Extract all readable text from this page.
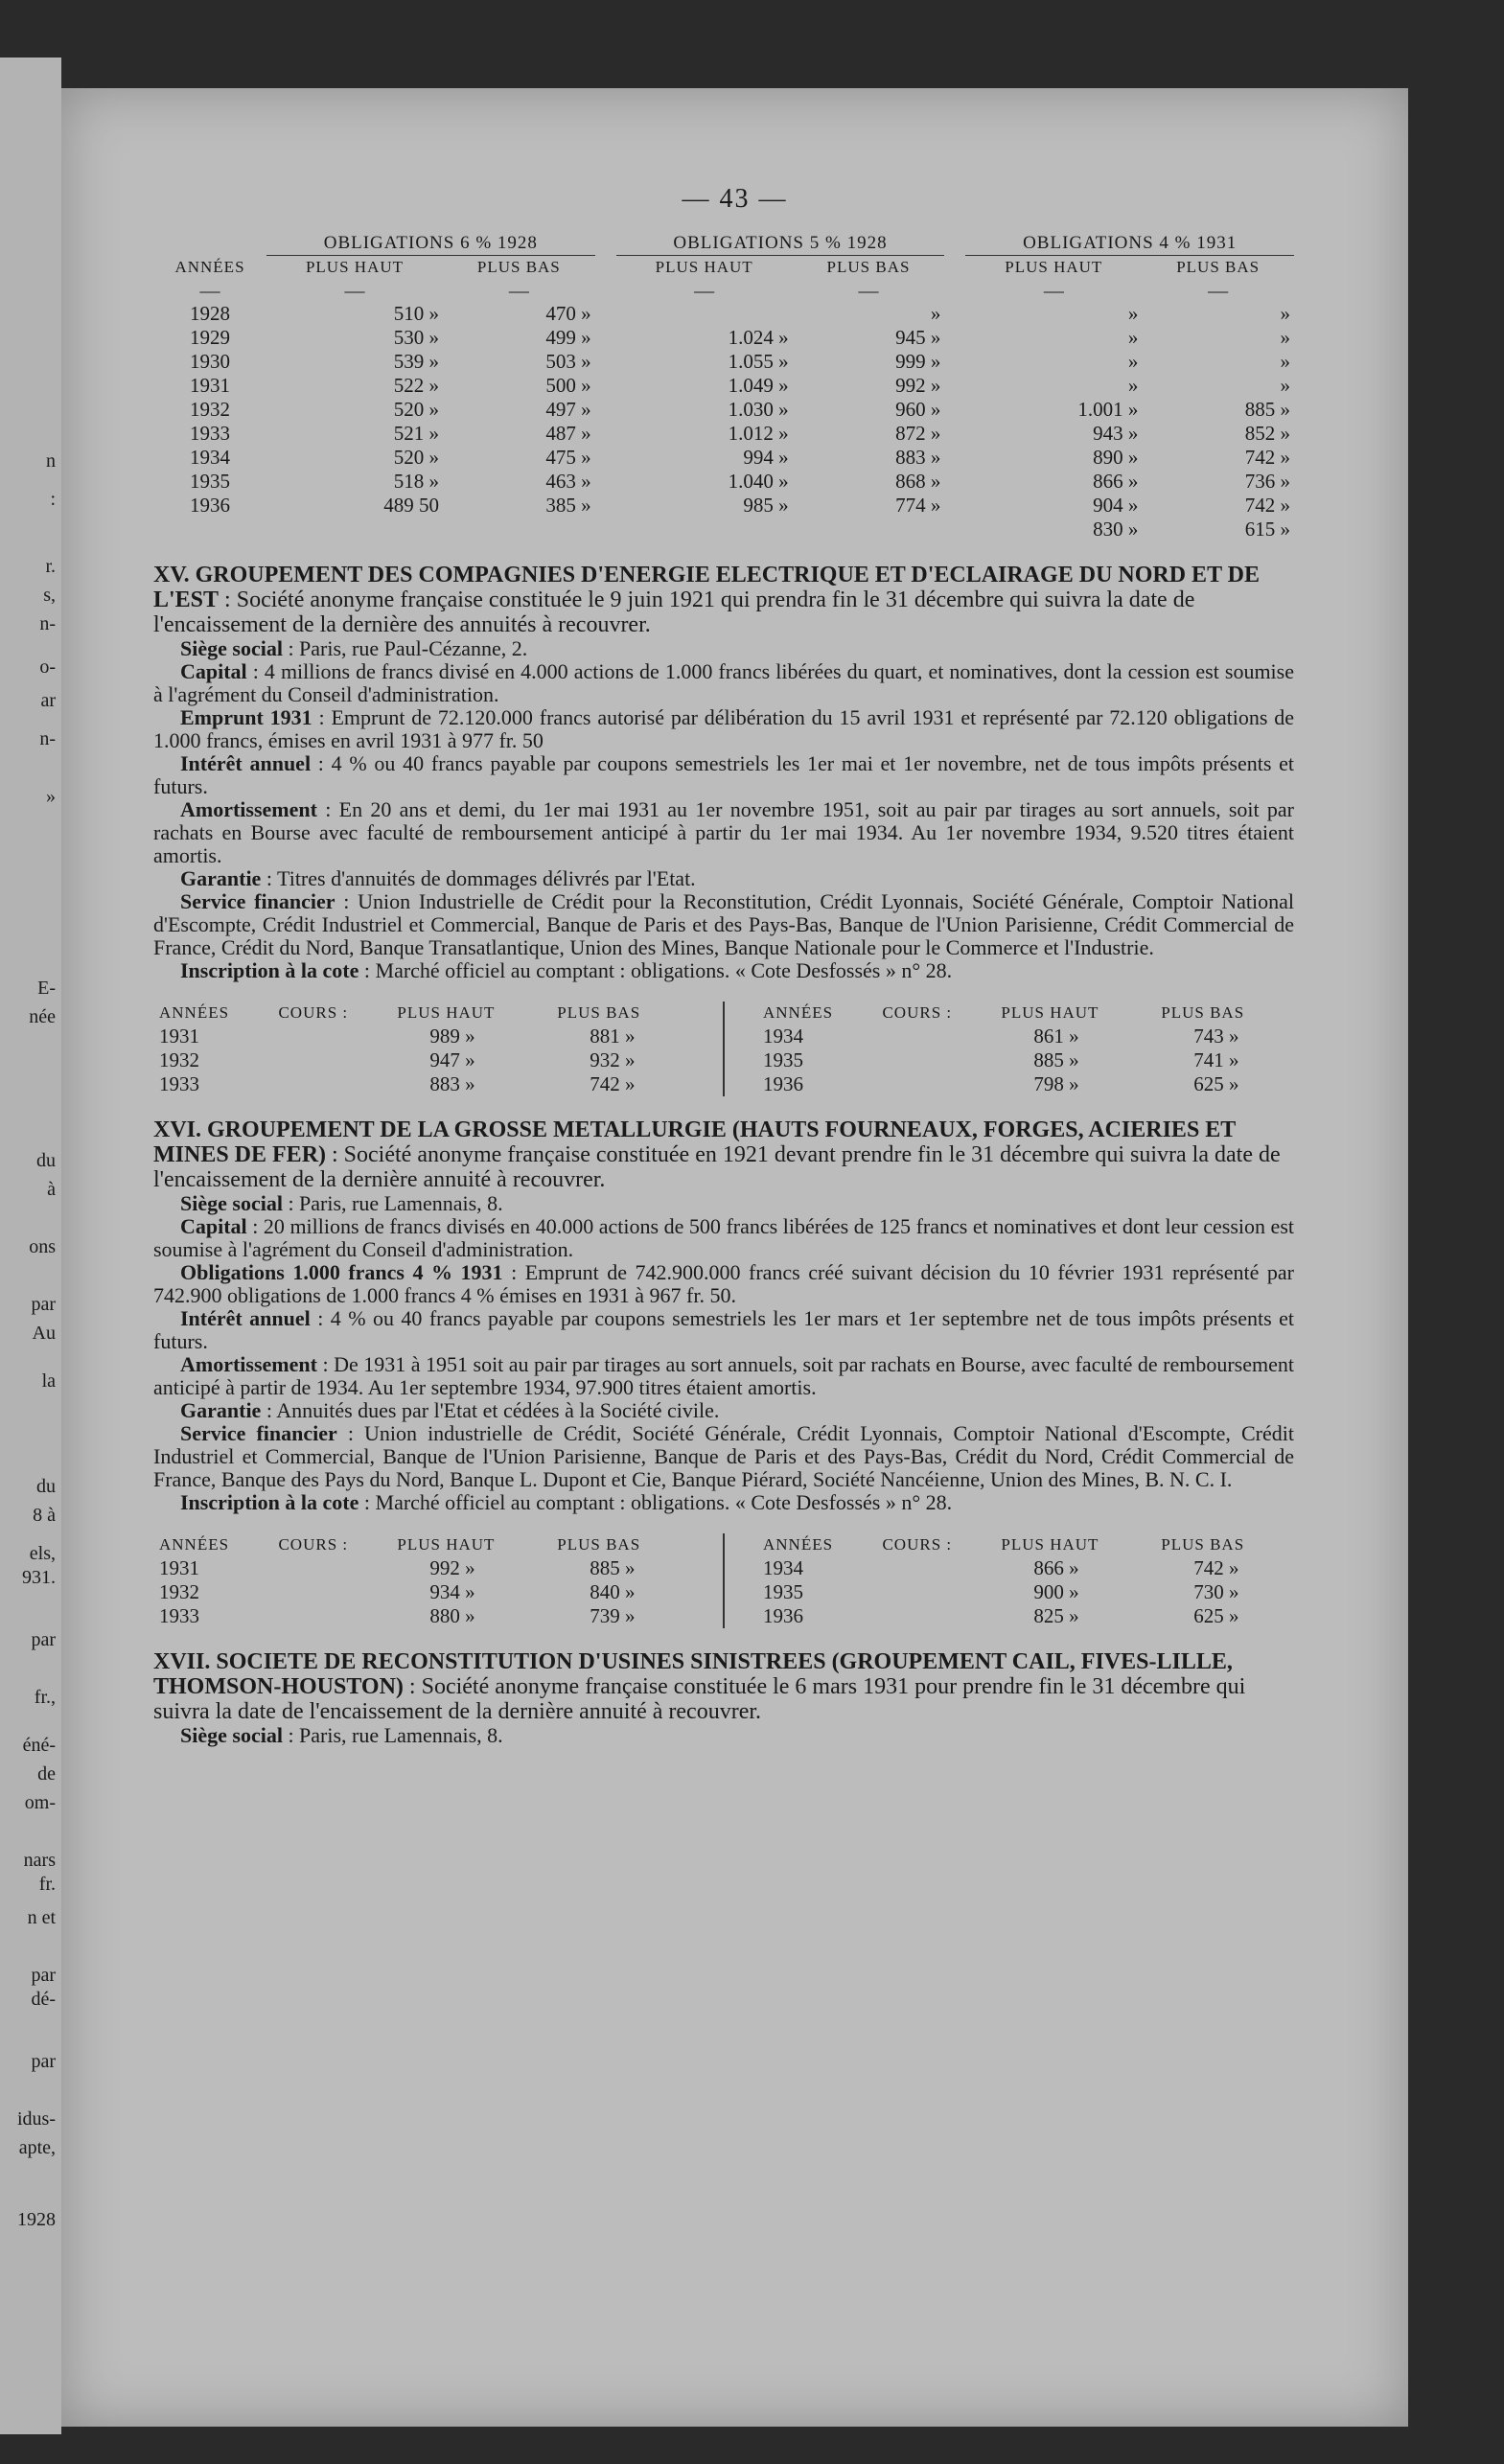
n
:
r.
s,
n-
o-
ar
n-
»
E-
née
du
à
ons
par
Au
la
du
8 à
els,
931.
par
fr.,
éné-
de
om-
nars
fr.
n et
par
dé-
par
idus-
apte,
1928
— 43 —
	OBLIGATIONS 6 % 1928			OBLIGATIONS 5 % 1928			OBLIGATIONS 4 % 1931	
ANNÉES	PLUS HAUT	PLUS BAS		PLUS HAUT	PLUS BAS		PLUS HAUT	PLUS BAS
—	—	—		—	—		—	—
1928	510 »	470 »			»		»	»
1929	530 »	499 »		1.024 »	945 »		»	»
1930	539 »	503 »		1.055 »	999 »		»	»
1931	522 »	500 »		1.049 »	992 »		»	»
1932	520 »	497 »		1.030 »	960 »		1.001 »	885 »
1933	521 »	487 »		1.012 »	872 »		943 »	852 »
1934	520 »	475 »		994 »	883 »		890 »	742 »
1935	518 »	463 »		1.040 »	868 »		866 »	736 »
1936	489 50	385 »		985 »	774 »		904 »	742 »
							830 »	615 »
XV. GROUPEMENT DES COMPAGNIES D'ENERGIE ELECTRIQUE ET D'ECLAIRAGE DU NORD ET DE L'EST : Société anonyme française constituée le 9 juin 1921 qui prendra fin le 31 décembre qui suivra la date de l'encaissement de la dernière des annuités à recouvrer.

Siège social : Paris, rue Paul-Cézanne, 2.

Capital : 4 millions de francs divisé en 4.000 actions de 1.000 francs libérées du quart, et nominatives, dont la cession est soumise à l'agrément du Conseil d'administration.

Emprunt 1931 : Emprunt de 72.120.000 francs autorisé par délibération du 15 avril 1931 et représenté par 72.120 obligations de 1.000 francs, émises en avril 1931 à 977 fr. 50

Intérêt annuel : 4 % ou 40 francs payable par coupons semestriels les 1er mai et 1er novembre, net de tous impôts présents et futurs.

Amortissement : En 20 ans et demi, du 1er mai 1931 au 1er novembre 1951, soit au pair par tirages au sort annuels, soit par rachats en Bourse avec faculté de remboursement anticipé à partir du 1er mai 1934. Au 1er novembre 1934, 9.520 titres étaient amortis.

Garantie : Titres d'annuités de dommages délivrés par l'Etat.

Service financier : Union Industrielle de Crédit pour la Reconstitution, Crédit Lyonnais, Société Générale, Comptoir National d'Escompte, Crédit Industriel et Commercial, Banque de Paris et des Pays-Bas, Banque de l'Union Parisienne, Crédit Commercial de France, Crédit du Nord, Banque Transatlantique, Union des Mines, Banque Nationale pour le Commerce et l'Industrie.

Inscription à la cote : Marché officiel au comptant : obligations. « Cote Desfossés » n° 28.

ANNÉES	COURS :	PLUS HAUT	PLUS BAS
1931		989 »	881 »
1932		947 »	932 »
1933		883 »	742 »
ANNÉES	COURS :	PLUS HAUT	PLUS BAS
1934		861 »	743 »
1935		885 »	741 »
1936		798 »	625 »
XVI. GROUPEMENT DE LA GROSSE METALLURGIE (HAUTS FOURNEAUX, FORGES, ACIERIES ET MINES DE FER) : Société anonyme française constituée en 1921 devant prendre fin le 31 décembre qui suivra la date de l'encaissement de la dernière annuité à recouvrer.

Siège social : Paris, rue Lamennais, 8.

Capital : 20 millions de francs divisés en 40.000 actions de 500 francs libérées de 125 francs et nominatives et dont leur cession est soumise à l'agrément du Conseil d'administration.

Obligations 1.000 francs 4 % 1931 : Emprunt de 742.900.000 francs créé suivant décision du 10 février 1931 représenté par 742.900 obligations de 1.000 francs 4 % émises en 1931 à 967 fr. 50.

Intérêt annuel : 4 % ou 40 francs payable par coupons semestriels les 1er mars et 1er septembre net de tous impôts présents et futurs.

Amortissement : De 1931 à 1951 soit au pair par tirages au sort annuels, soit par rachats en Bourse, avec faculté de remboursement anticipé à partir de 1934. Au 1er septembre 1934, 97.900 titres étaient amortis.

Garantie : Annuités dues par l'Etat et cédées à la Société civile.

Service financier : Union industrielle de Crédit, Société Générale, Crédit Lyonnais, Comptoir National d'Escompte, Crédit Industriel et Commercial, Banque de l'Union Parisienne, Banque de Paris et des Pays-Bas, Crédit du Nord, Crédit Commercial de France, Banque des Pays du Nord, Banque L. Dupont et Cie, Banque Piérard, Société Nancéienne, Union des Mines, B. N. C. I.

Inscription à la cote : Marché officiel au comptant : obligations. « Cote Desfossés » n° 28.

ANNÉES	COURS :	PLUS HAUT	PLUS BAS
1931		992 »	885 »
1932		934 »	840 »
1933		880 »	739 »
ANNÉES	COURS :	PLUS HAUT	PLUS BAS
1934		866 »	742 »
1935		900 »	730 »
1936		825 »	625 »
XVII. SOCIETE DE RECONSTITUTION D'USINES SINISTREES (GROUPEMENT CAIL, FIVES-LILLE, THOMSON-HOUSTON) : Société anonyme française constituée le 6 mars 1931 pour prendre fin le 31 décembre qui suivra la date de l'encaissement de la dernière annuité à recouvrer.

Siège social : Paris, rue Lamennais, 8.
